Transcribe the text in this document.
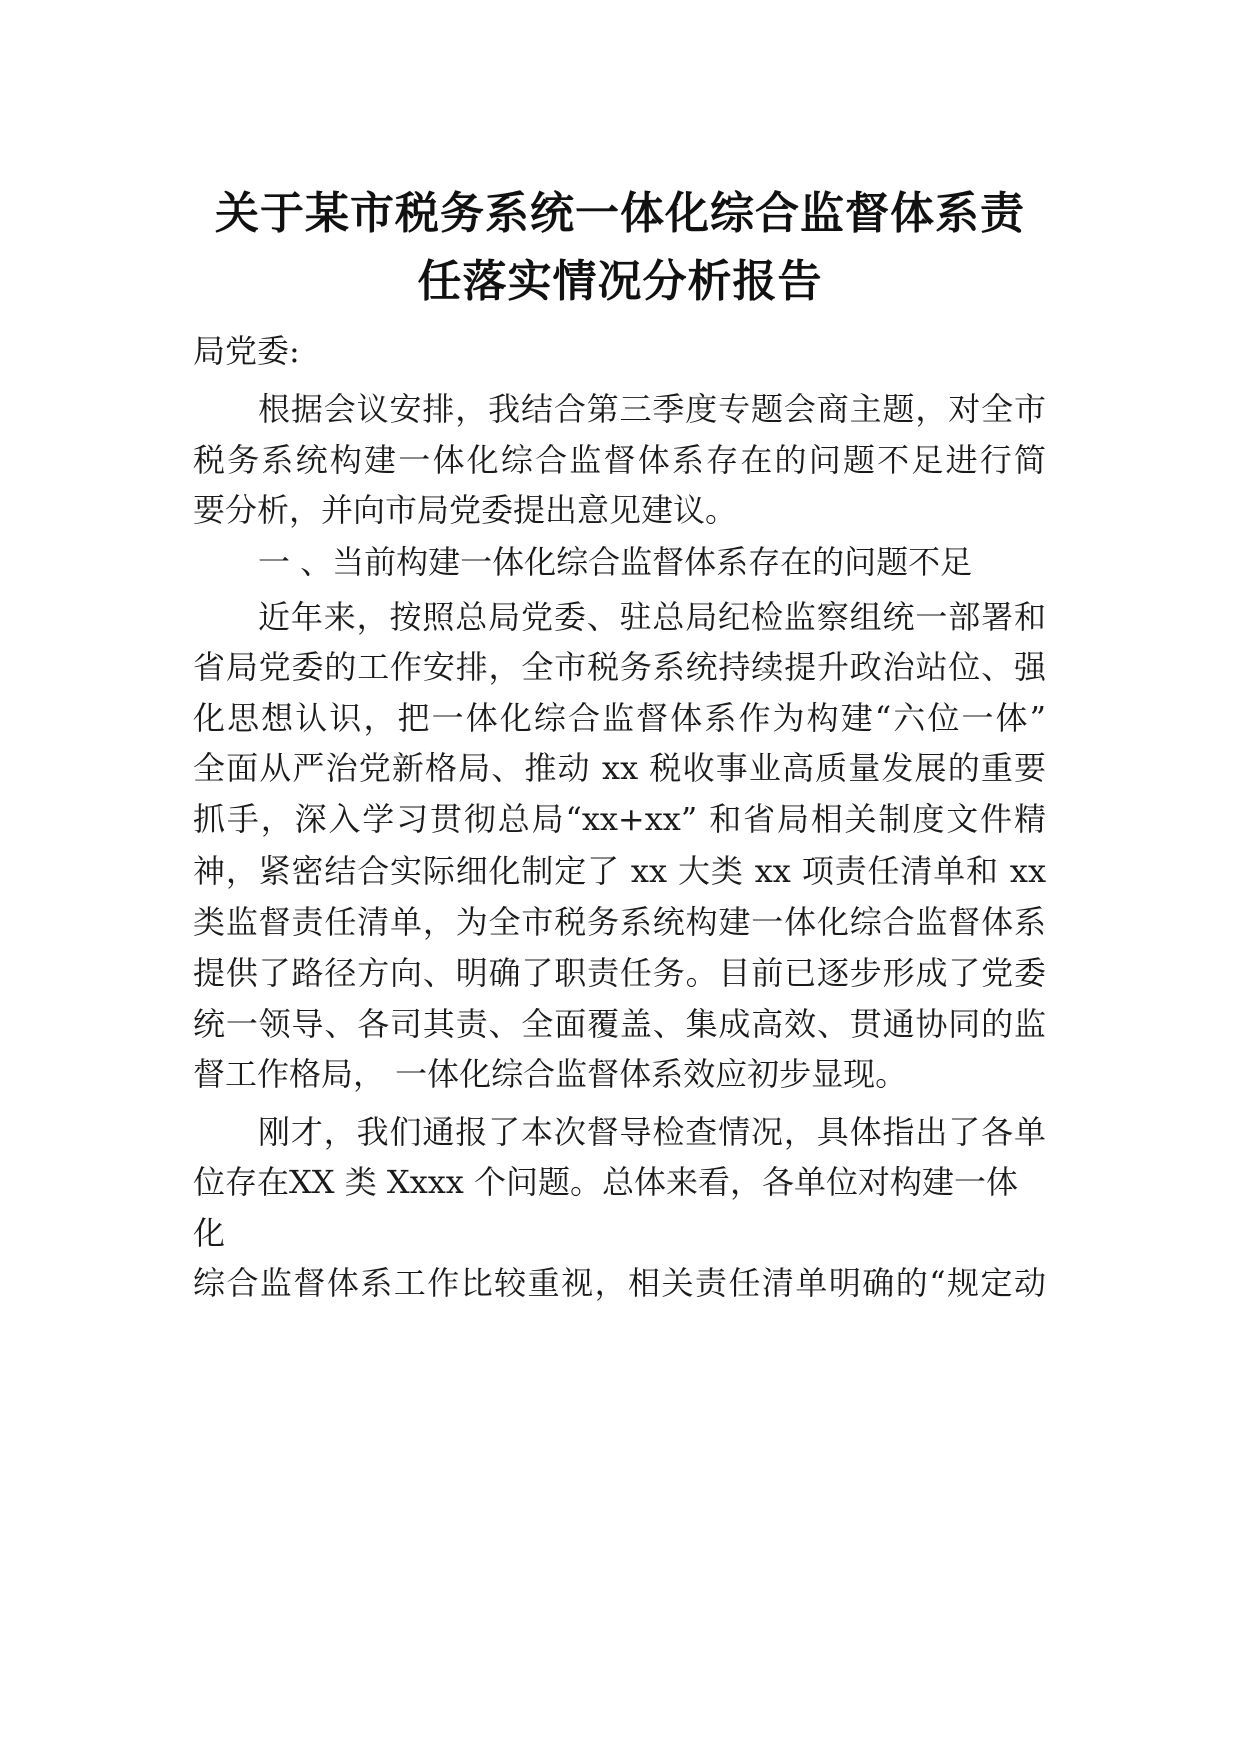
关于某市税务系统一体化综合监督体系责
任落实情况分析报告
局党委:
根据会议安排，我结合第三季度专题会商主题，对全市
税务系统构建一体化综合监督体系存在的问题不足进行简
要分析，并向市局党委提出意见建议。
一 、当前构建一体化综合监督体系存在的问题不足
近年来，按照总局党委、驻总局纪检监察组统一部署和
省局党委的工作安排，全市税务系统持续提升政治站位、强
化思想认识，把一体化综合监督体系作为构建“六位一体”
全面从严治党新格局、推动 xx 税收事业高质量发展的重要
抓手，深入学习贯彻总局“xx+xx” 和省局相关制度文件精
神，紧密结合实际细化制定了 xx 大类 xx 项责任清单和 xx
类监督责任清单，为全市税务系统构建一体化综合监督体系
提供了路径方向、明确了职责任务。目前已逐步形成了党委
统一领导、各司其责、全面覆盖、集成高效、贯通协同的监
督工作格局， 一体化综合监督体系效应初步显现。
刚才，我们通报了本次督导检查情况，具体指出了各单
位存在XX 类 Xxxx 个问题。总体来看，各单位对构建一体
化
综合监督体系工作比较重视，相关责任清单明确的“规定动
